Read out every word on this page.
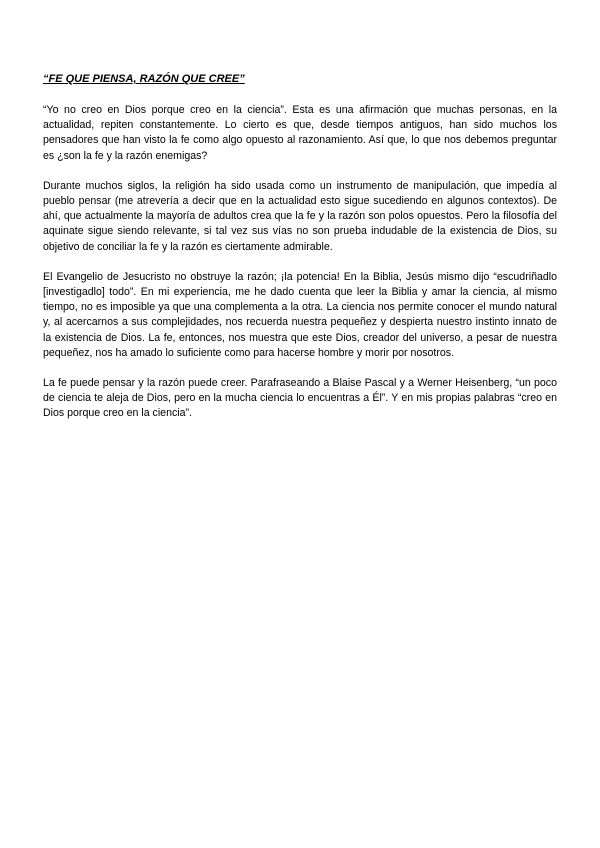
“FE QUE PIENSA, RAZÓN QUE CREE”

“Yo no creo en Dios porque creo en la ciencia”. Esta es una afirmación que muchas personas, en la actualidad, repiten constantemente. Lo cierto es que, desde tiempos antiguos, han sido muchos los pensadores que han visto la fe como algo opuesto al razonamiento. Así que, lo que nos debemos preguntar es ¿son la fe y la razón enemigas?

Durante muchos siglos, la religión ha sido usada como un instrumento de manipulación, que impedía al pueblo pensar (me atrevería a decir que en la actualidad esto sigue sucediendo en algunos contextos). De ahí, que actualmente la mayoría de adultos crea que la fe y la razón son polos opuestos. Pero la filosofía del aquinate sigue siendo relevante, si tal vez sus vías no son prueba indudable de la existencia de Dios, su objetivo de conciliar la fe y la razón es ciertamente admirable.

El Evangelio de Jesucristo no obstruye la razón; ¡la potencia! En la Biblia, Jesús mismo dijo “escudriñadlo [investigadlo] todo”. En mi experiencia, me he dado cuenta que leer la Biblia y amar la ciencia, al mismo tiempo, no es imposible ya que una complementa a la otra. La ciencia nos permite conocer el mundo natural y, al acercarnos a sus complejidades, nos recuerda nuestra pequeñez y despierta nuestro instinto innato de la existencia de Dios. La fe, entonces, nos muestra que este Dios, creador del universo, a pesar de nuestra pequeñez, nos ha amado lo suficiente como para hacerse hombre y morir por nosotros.

La fe puede pensar y la razón puede creer. Parafraseando a Blaise Pascal y a Werner Heisenberg, “un poco de ciencia te aleja de Dios, pero en la mucha ciencia lo encuentras a Él”. Y en mis propias palabras “creo en Dios porque creo en la ciencia”.
